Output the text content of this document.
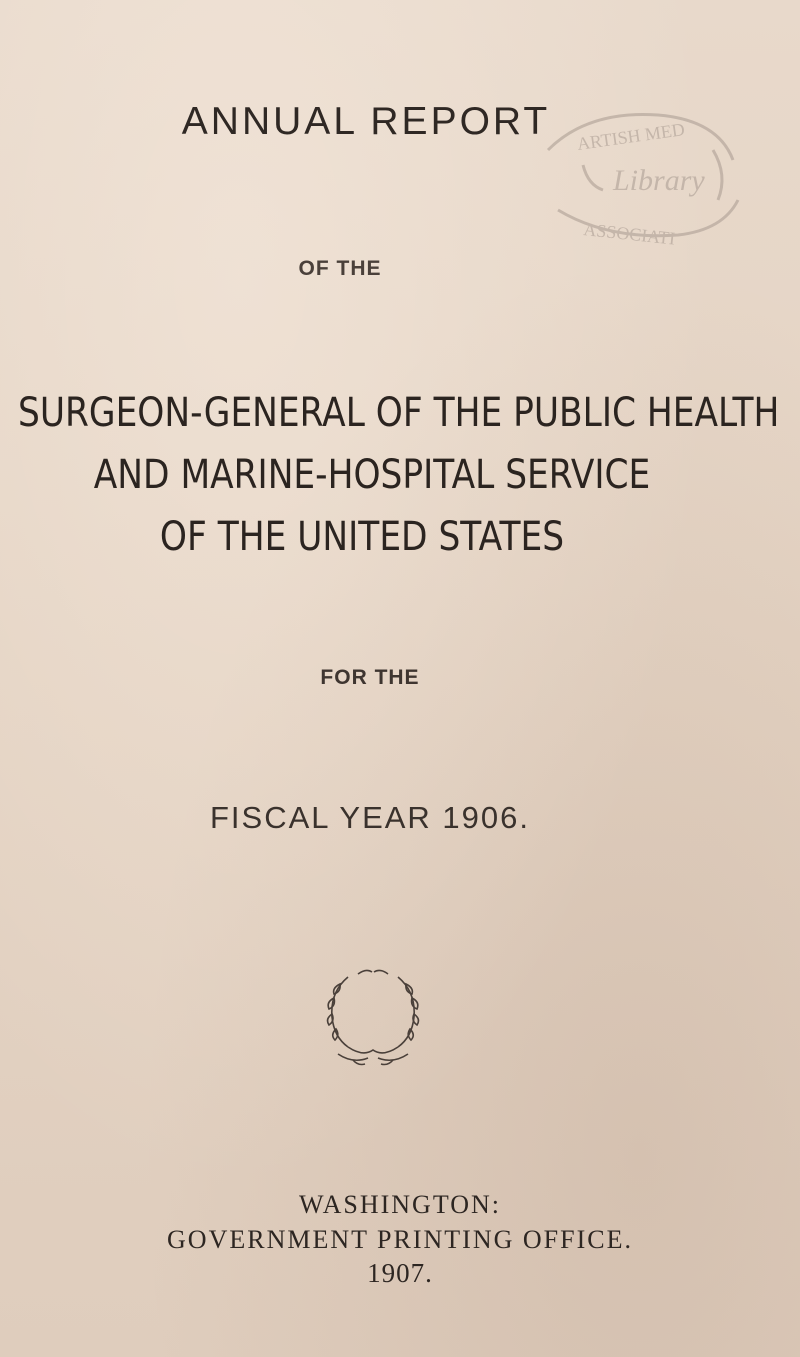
ANNUAL REPORT	ARTISH MED
Library
ASSOCIATI

OF THE

SURGEON-GENERAL OF THE PUBLIC HEALTH

AND MARINE-HOSPITAL SERVICE

OF THE UNITED STATES

FOR THE

FISCAL YEAR 1906.

WASHINGTON:

GOVERNMENT PRINTING OFFICE.

1907.
